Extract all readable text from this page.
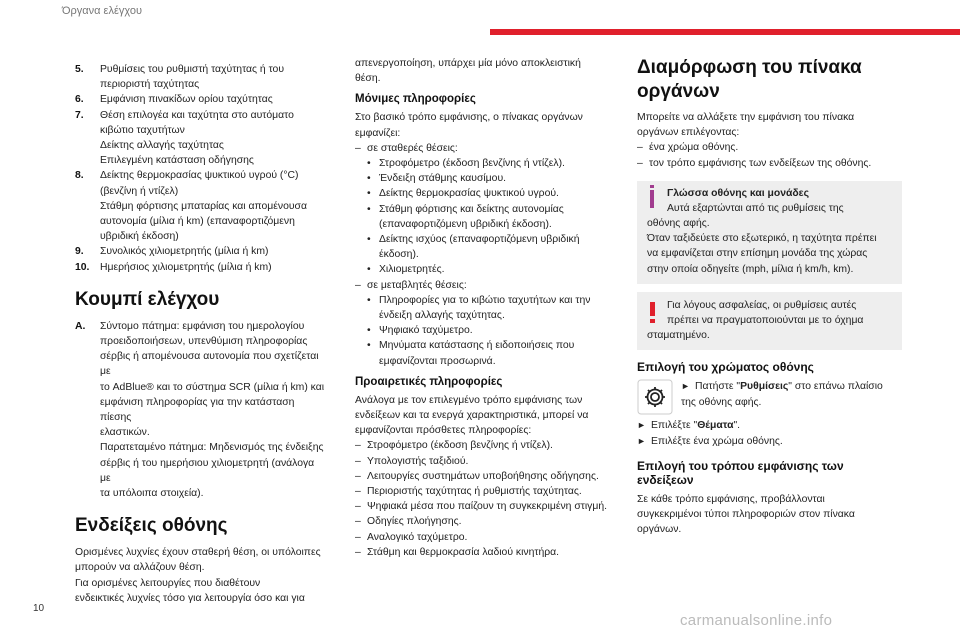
Όργανα ελέγχου
5.	Ρυθμίσεις του ρυθμιστή ταχύτητας ή του
περιοριστή ταχύτητας
6.	Εμφάνιση πινακίδων ορίου ταχύτητας
7.	Θέση επιλογέα και ταχύτητα στο αυτόματο
κιβώτιο ταχυτήτων
Δείκτης αλλαγής ταχύτητας
Επιλεγμένη κατάσταση οδήγησης
8.	Δείκτης θερμοκρασίας ψυκτικού υγρού (°C)
(βενζίνη ή ντίζελ)
Στάθμη φόρτισης μπαταρίας και απομένουσα
αυτονομία (μίλια ή km) (επαναφορτιζόμενη
υβριδική έκδοση)
9.	Συνολικός χιλιομετρητής (μίλια ή km)
10.	Ημερήσιος χιλιομετρητής (μίλια ή km)
Κουμπί ελέγχου
A.	Σύντομο πάτημα: εμφάνιση του ημερολογίου
προειδοποιήσεων, υπενθύμιση πληροφορίας
σέρβις ή απομένουσα αυτονομία που σχετίζεται με
το AdBlue® και το σύστημα SCR (μίλια ή km) και
εμφάνιση πληροφορίας για την κατάσταση πίεσης
ελαστικών.
Παρατεταμένο πάτημα: Μηδενισμός της ένδειξης
σέρβις ή του ημερήσιου χιλιομετρητή (ανάλογα με
τα υπόλοιπα στοιχεία).
Ενδείξεις οθόνης

Ορισμένες λυχνίες έχουν σταθερή θέση, οι υπόλοιπες
μπορούν να αλλάζουν θέση.
Για ορισμένες λειτουργίες που διαθέτουν
ενδεικτικές λυχνίες τόσο για λειτουργία όσο και για

απενεργοποίηση, υπάρχει μία μόνο αποκλειστική
θέση.

Μόνιμες πληροφορίες

Στο βασικό τρόπο εμφάνισης, ο πίνακας οργάνων
εμφανίζει:

– σε σταθερές θέσεις:
• Στροφόμετρο (έκδοση βενζίνης ή ντίζελ).
• Ένδειξη στάθμης καυσίμου.
• Δείκτης θερμοκρασίας ψυκτικού υγρού.
• Στάθμη φόρτισης και δείκτης αυτονομίας
(επαναφορτιζόμενη υβριδική έκδοση).
• Δείκτης ισχύος (επαναφορτιζόμενη υβριδική
έκδοση).
• Χιλιομετρητές.
– σε μεταβλητές θέσεις:
• Πληροφορίες για το κιβώτιο ταχυτήτων και την
ένδειξη αλλαγής ταχύτητας.
• Ψηφιακό ταχύμετρο.
• Μηνύματα κατάστασης ή ειδοποιήσεις που
εμφανίζονται προσωρινά.
Προαιρετικές πληροφορίες

Ανάλογα με τον επιλεγμένο τρόπο εμφάνισης των
ενδείξεων και τα ενεργά χαρακτηριστικά, μπορεί να
εμφανίζονται πρόσθετες πληροφορίες:

– Στροφόμετρο (έκδοση βενζίνης ή ντίζελ).
– Υπολογιστής ταξιδιού.
– Λειτουργίες συστημάτων υποβοήθησης οδήγησης.
– Περιοριστής ταχύτητας ή ρυθμιστής ταχύτητας.
– Ψηφιακά μέσα που παίζουν τη συγκεκριμένη στιγμή.
– Οδηγίες πλοήγησης.
– Αναλογικό ταχύμετρο.
– Στάθμη και θερμοκρασία λαδιού κινητήρα.
Διαμόρφωση του πίνακα
οργάνων

Μπορείτε να αλλάξετε την εμφάνιση του πίνακα
οργάνων επιλέγοντας:

– ένα χρώμα οθόνης.
– τον τρόπο εμφάνισης των ενδείξεων της οθόνης.
Γλώσσα οθόνης και μονάδες

Αυτά εξαρτώνται από τις ρυθμίσεις της

οθόνης αφής.
Όταν ταξιδεύετε στο εξωτερικό, η ταχύτητα πρέπει
να εμφανίζεται στην επίσημη μονάδα της χώρας
στην οποία οδηγείτε (mph, μίλια ή km/h, km).

Για λόγους ασφαλείας, οι ρυθμίσεις αυτές
πρέπει να πραγματοποιούνται με το όχημα

σταματημένο.

Επιλογή του χρώματος οθόνης
► Πατήστε "Ρυθμίσεις" στο επάνω πλαίσιο
της οθόνης αφής.
► Επιλέξτε "Θέματα".
► Επιλέξτε ένα χρώμα οθόνης.
Επιλογή του τρόπου εμφάνισης των
ενδείξεων

Σε κάθε τρόπο εμφάνισης, προβάλλονται
συγκεκριμένοι τύποι πληροφοριών στον πίνακα
οργάνων.

10
carmanualsonline.info
